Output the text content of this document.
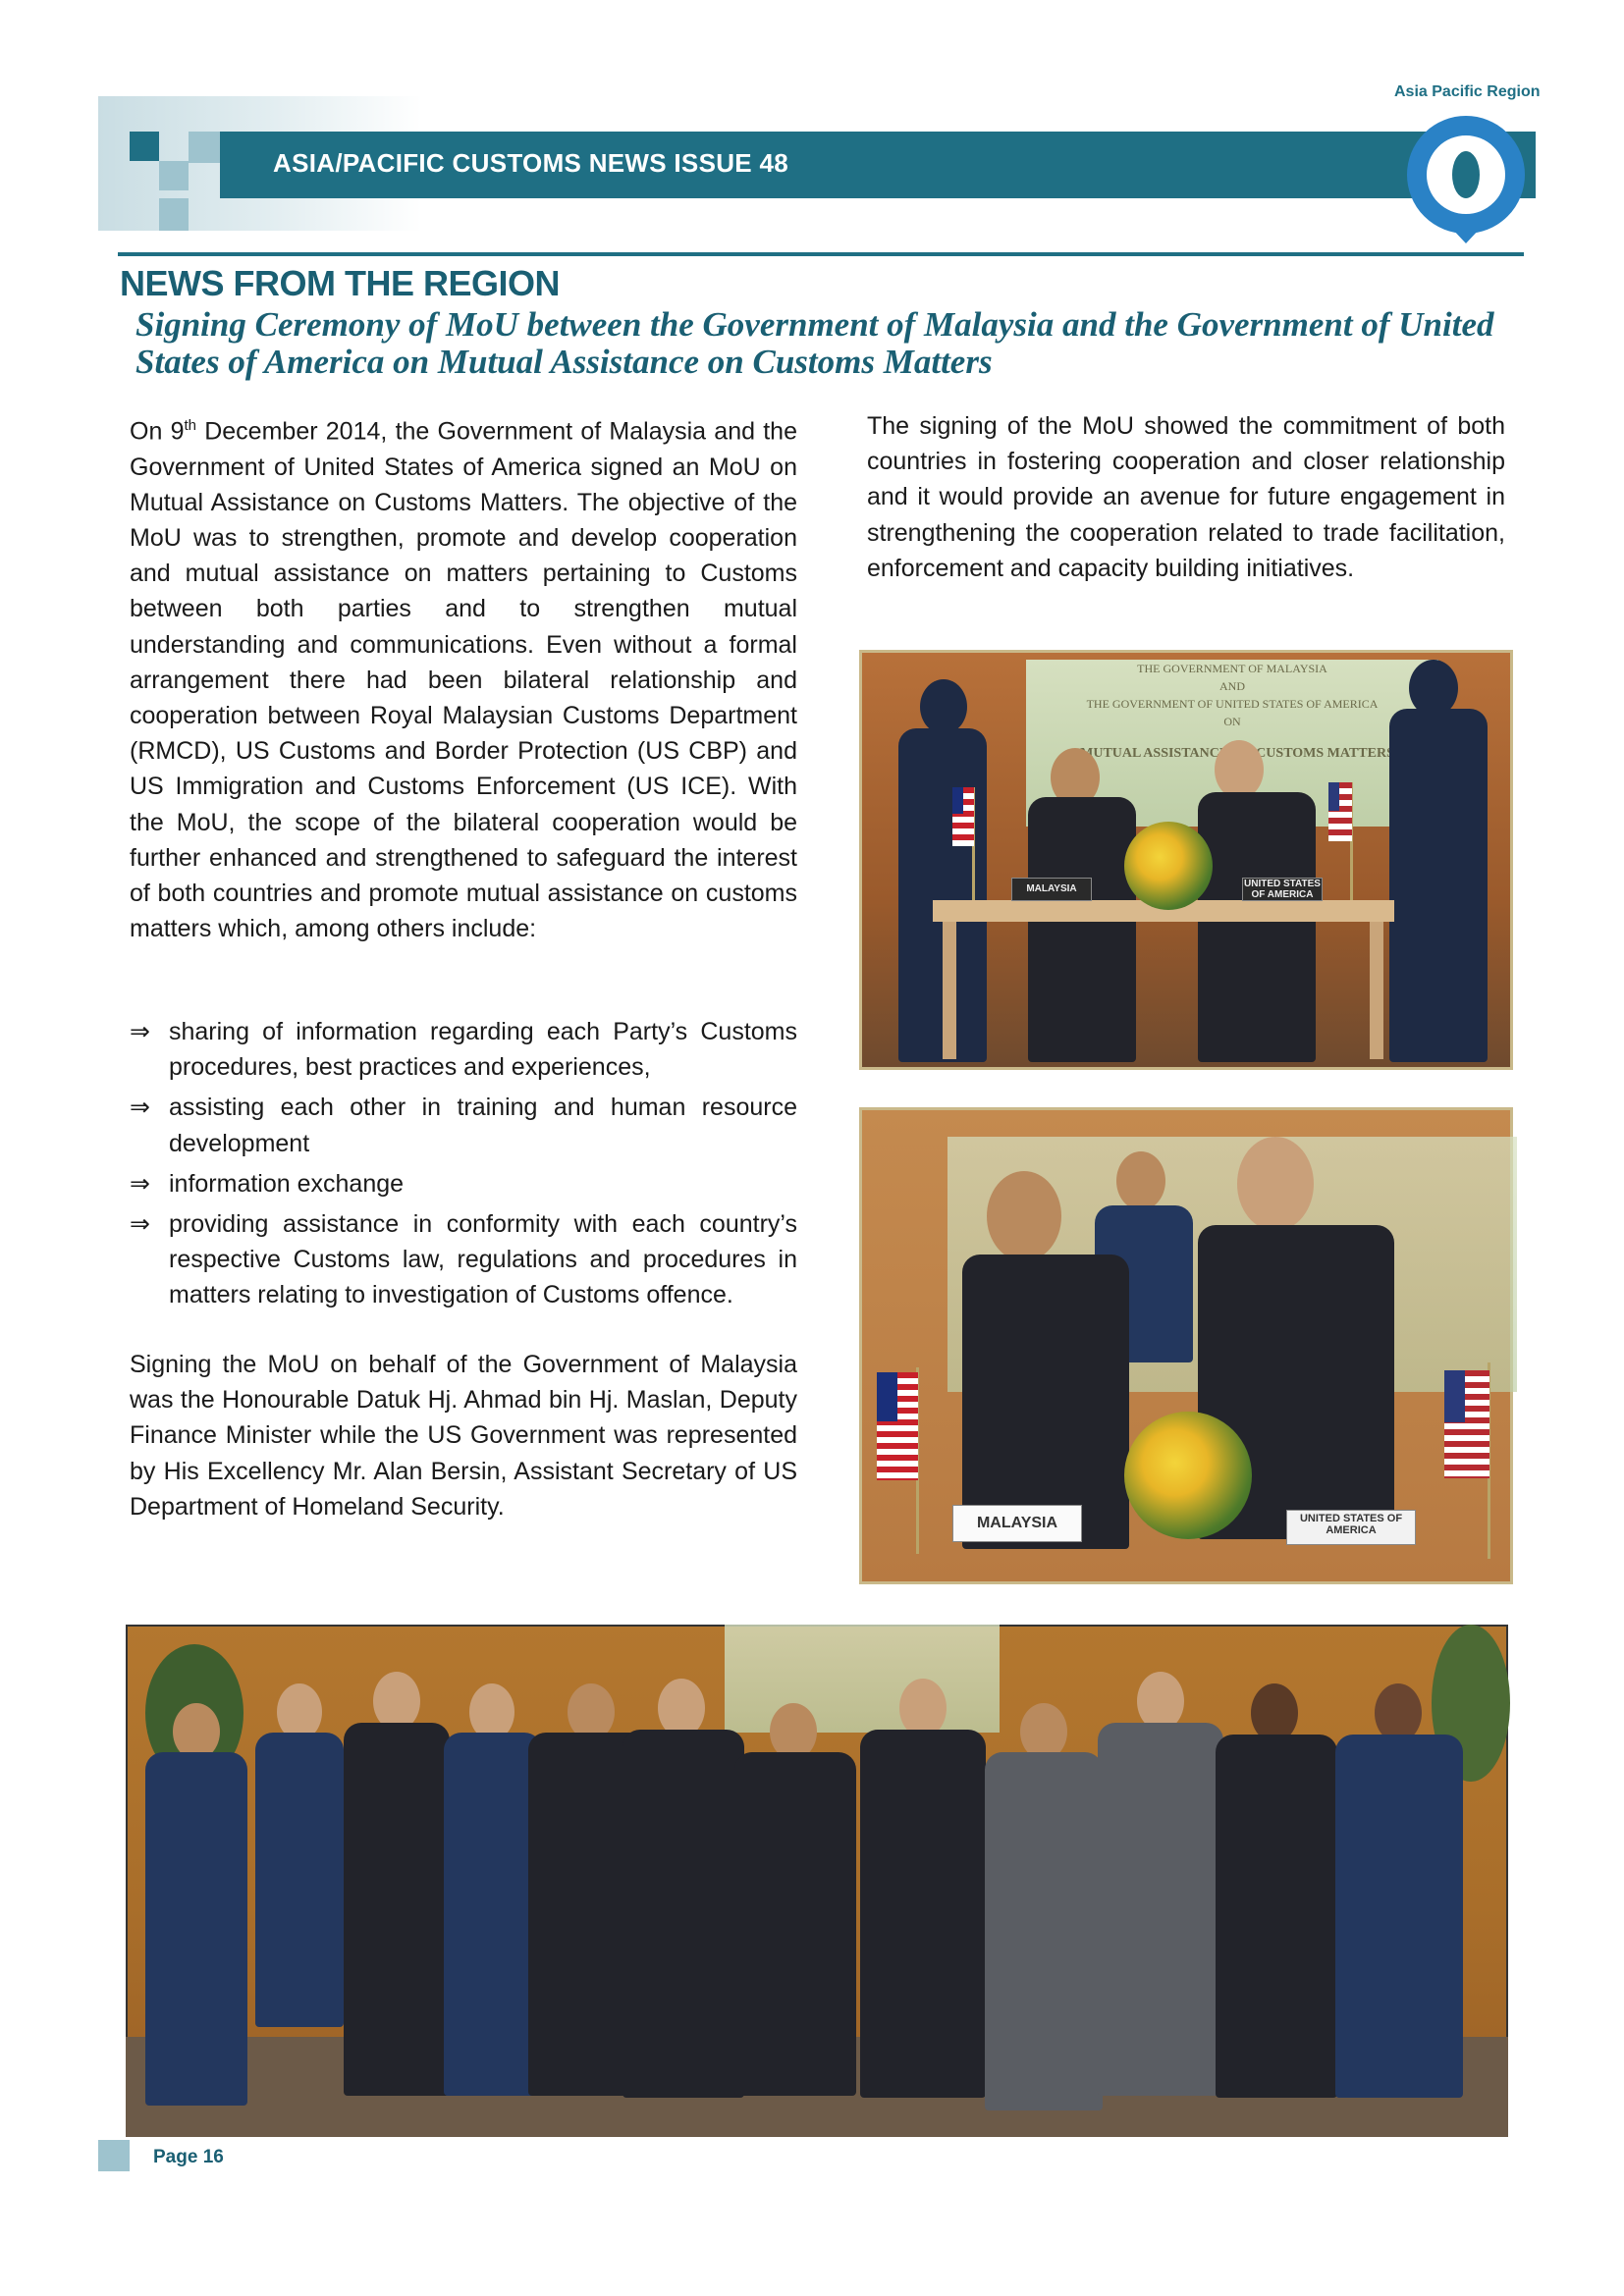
ASIA/PACIFIC CUSTOMS NEWS ISSUE 48
Asia Pacific Region
NEWS FROM THE REGION
Signing Ceremony of MoU between the Government of Malaysia and the Government of United States of America on Mutual Assistance on Customs Matters

On 9th December 2014, the Government of Malaysia and the Government of United States of America signed an MoU on Mutual Assistance on Customs Matters. The objective of the MoU was to strengthen, promote and develop cooperation and mutual assistance on matters pertaining to Customs between both parties and to strengthen mutual understanding and communications. Even without a formal arrangement there had been bilateral relationship and cooperation between Royal Malaysian Customs Department (RMCD), US Customs and Border Protection (US CBP) and US Immigration and Customs Enforcement (US ICE). With the MoU, the scope of the bilateral cooperation would be further enhanced and strengthened to safeguard the interest of both countries and promote mutual assistance on customs matters which, among others include:

⇒ sharing of information regarding each Party’s Customs procedures, best practices and experiences,
⇒ assisting each other in training and human resource development
⇒ information exchange
⇒ providing assistance in conformity with each country’s respective Customs law, regulations and procedures in matters relating to investigation of Customs offence.
Signing the MoU on behalf of the Government of Malaysia was the Honourable Datuk Hj. Ahmad bin Hj. Maslan, Deputy Finance Minister while the US Government was represented by His Excellency Mr. Alan Bersin, Assistant Secretary of US Department of Homeland Security.

The signing of the MoU showed the commitment of both countries in fostering cooperation and closer relationship and it would provide an avenue for future engagement in strengthening the cooperation related to trade facilitation, enforcement and capacity building initiatives.

THE GOVERNMENT OF MALAYSIA
AND
THE GOVERNMENT OF UNITED STATES OF AMERICA
ON
MUTUAL ASSISTANCE CUSTOMS MATTERS
MALAYSIA	UNITED STATES OF AMERICA
MALAYSIA	UNITED STATES OF AMERICA
Page 16
